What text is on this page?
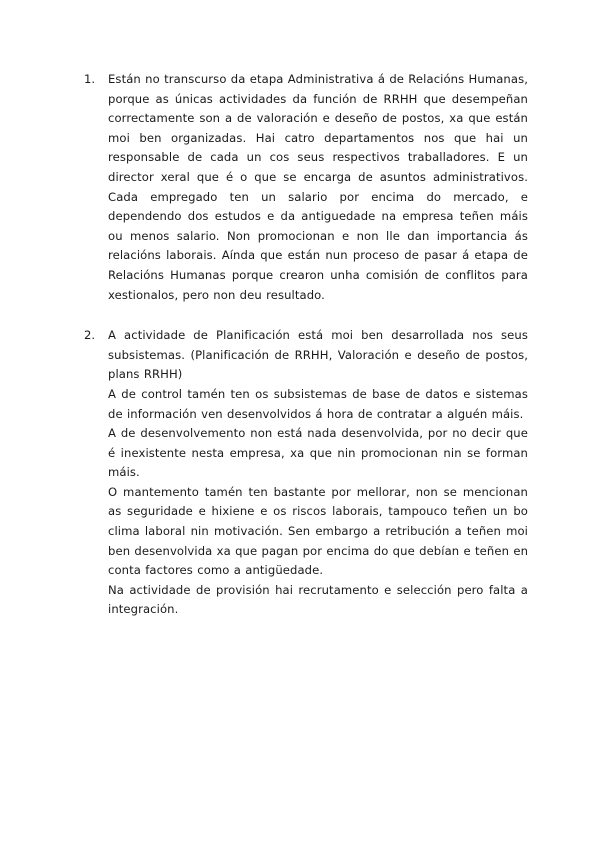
1.	Están no transcurso da etapa Administrativa á de Relacións Humanas, porque as únicas actividades da función de RRHH que desempeñan correctamente son a de valoración e deseño de postos, xa que están moi ben organizadas. Hai catro departamentos nos que hai un responsable de cada un cos seus respectivos traballadores. E un director xeral que é o que se encarga de asuntos administrativos. Cada empregado ten un salario por encima do mercado, e dependendo dos estudos e da antiguedade na empresa teñen máis ou menos salario. Non promocionan e non lle dan importancia ás relacións laborais. Aínda que están nun proceso de pasar á etapa de Relacións Humanas porque crearon unha comisión de conflitos para xestionalos, pero non deu resultado.

2.	A actividade de Planificación está moi ben desarrollada nos seus subsistemas. (Planificación de RRHH, Valoración e deseño de postos, plans RRHH)

A de control tamén ten os subsistemas de base de datos e sistemas de información ven desenvolvidos á hora de contratar a alguén máis.

A de desenvolvemento non está nada desenvolvida, por no decir que é inexistente nesta empresa, xa que nin promocionan nin se forman máis.

O mantemento tamén ten bastante por mellorar, non se mencionan as seguridade e hixiene e os riscos laborais, tampouco teñen un bo clima laboral nin motivación. Sen embargo a retribución a teñen moi ben desenvolvida xa que pagan por encima do que debían e teñen en conta factores como a antigüedade.

Na actividade de provisión hai recrutamento e selección pero falta a integración.
